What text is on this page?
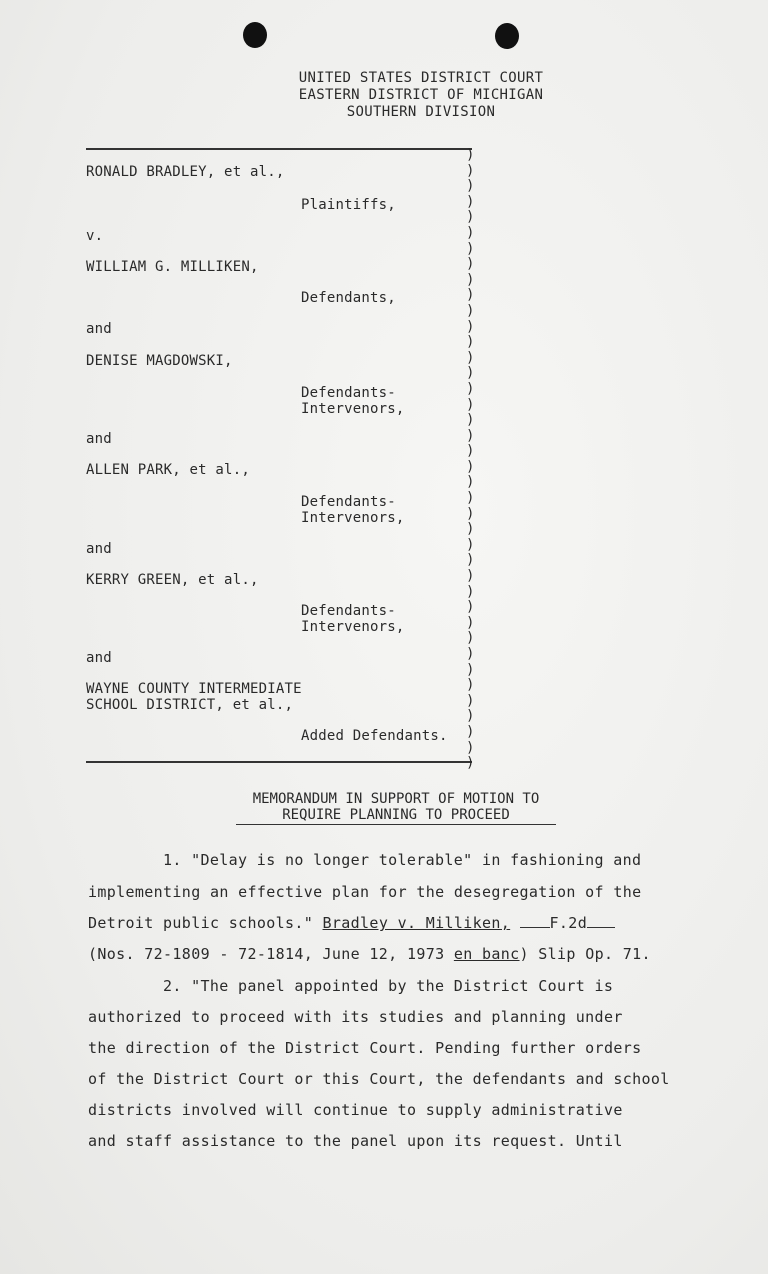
UNITED STATES DISTRICT COURT
EASTERN DISTRICT OF MICHIGAN
SOUTHERN DIVISION
)
)
)
)
)
)
)
)
)
)
)
)
)
)
)
)
)
)
)
)
)
)
)
)
)
)
)
)
)
)
)
)
)
)
)
)
)
)
)
)
RONALD BRADLEY, et al.,
Plaintiffs,
v.
WILLIAM G. MILLIKEN,
Defendants,
and
DENISE MAGDOWSKI,
Defendants-
Intervenors,
and
ALLEN PARK, et al.,
Defendants-
Intervenors,
and
KERRY GREEN, et al.,
Defendants-
Intervenors,
and
WAYNE COUNTY INTERMEDIATE
SCHOOL DISTRICT, et al.,
Added Defendants.
MEMORANDUM IN SUPPORT OF MOTION TO
REQUIRE PLANNING TO PROCEED
1. "Delay is no longer tolerable" in fashioning and
implementing an effective plan for the desegregation of the
Detroit public schools." Bradley v. Milliken,	F.2d
(Nos. 72-1809 - 72-1814, June 12, 1973 en banc) Slip Op. 71.
2. "The panel appointed by the District Court is
authorized to proceed with its studies and planning under
the direction of the District Court. Pending further orders
of the District Court or this Court, the defendants and school
districts involved will continue to supply administrative
and staff assistance to the panel upon its request. Until
